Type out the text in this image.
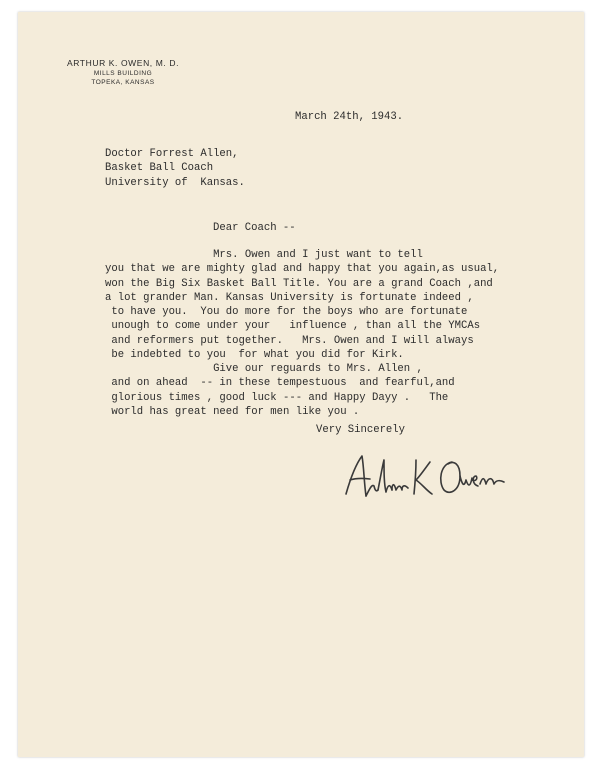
ARTHUR K. OWEN, M. D.
MILLS BUILDING
TOPEKA, KANSAS
March 24th, 1943.
Doctor Forrest Allen,
Basket Ball Coach
University of  Kansas.
Dear Coach --
Mrs. Owen and I just want to tell
you that we are mighty glad and happy that you again,as usual,
won the Big Six Basket Ball Title. You are a grand Coach ,and
a lot grander Man. Kansas University is fortunate indeed ,
to have you.  You do more for the boys who are fortunate
unough to come under your   influence , than all the YMCAs
and reformers put together.   Mrs. Owen and I will always
be indebted to you  for what you did for Kirk.
Give our reguards to Mrs. Allen ,
and on ahead  -- in these tempestuous  and fearful,and
glorious times , good luck --- and Happy Dayy .   The
world has great need for men like you .
Very Sincerely
